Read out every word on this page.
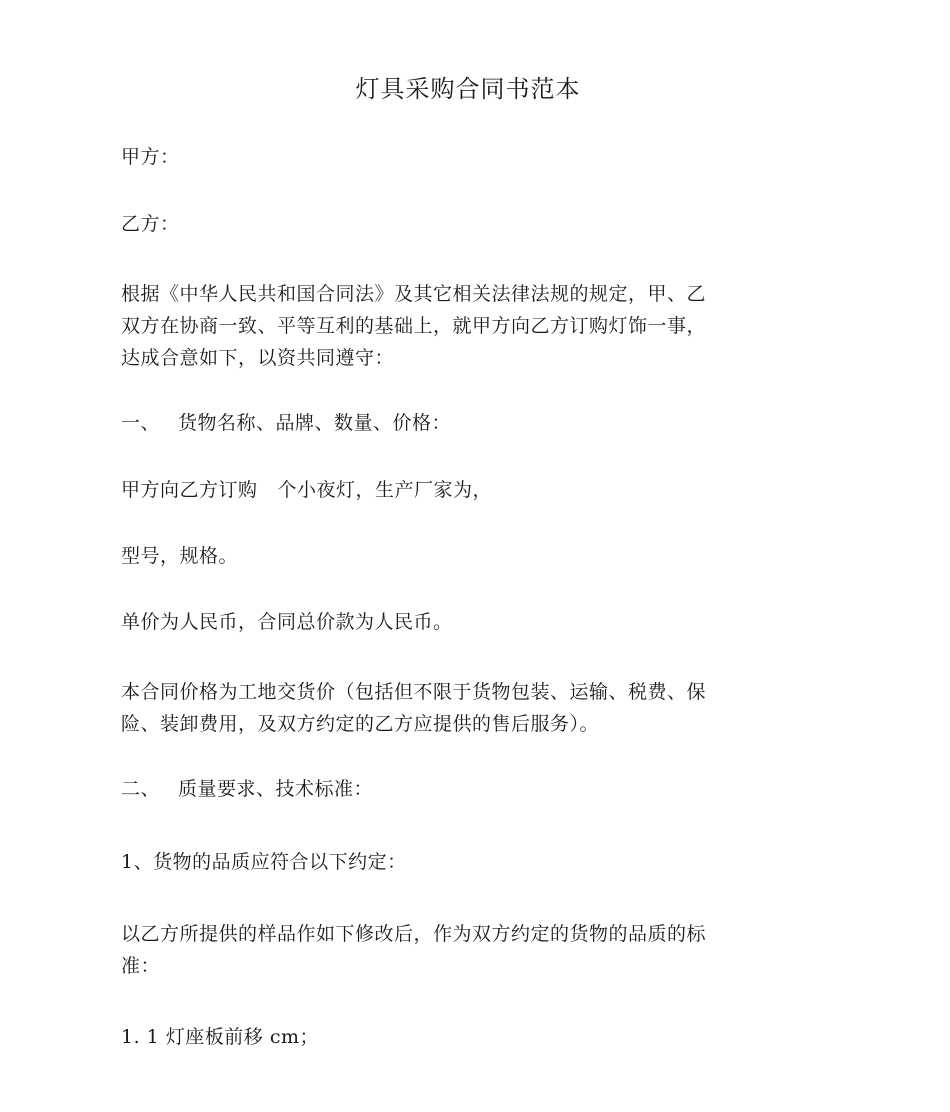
灯具采购合同书范本
甲方：
乙方：
根据《中华人民共和国合同法》及其它相关法律法规的规定，甲、乙
双方在协商一致、平等互利的基础上，就甲方向乙方订购灯饰一事，
达成合意如下，以资共同遵守：
一、 货物名称、品牌、数量、价格：
甲方向乙方订购 个小夜灯，生产厂家为，
型号，规格。
单价为人民币，合同总价款为人民币。
本合同价格为工地交货价（包括但不限于货物包装、运输、税费、保
险、装卸费用，及双方约定的乙方应提供的售后服务）。
二、 质量要求、技术标准：
1、货物的品质应符合以下约定：
以乙方所提供的样品作如下修改后，作为双方约定的货物的品质的标
准：
1. 1 灯座板前移 cm；
